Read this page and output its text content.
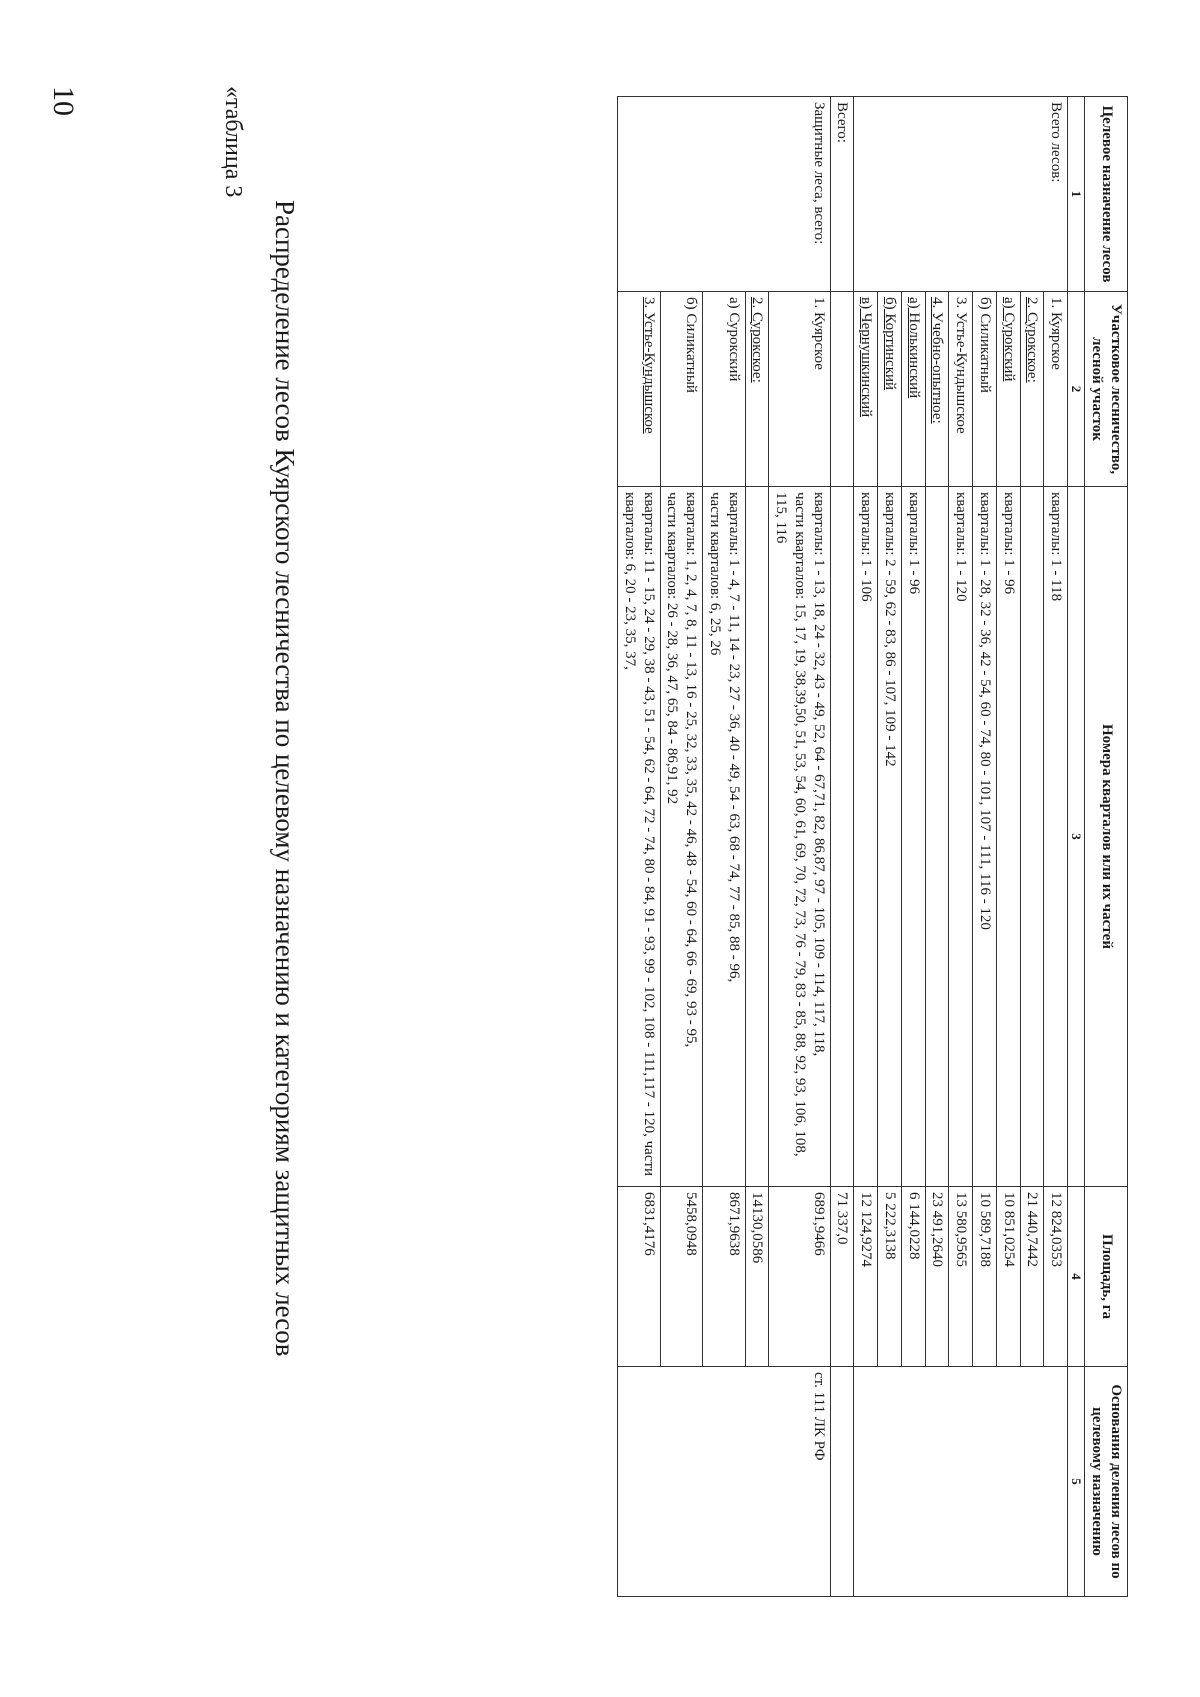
10	«таблица 3
Распределение лесов Куярского лесничества по целевому назначению и категориям защитных лесов
Целевое назначение лесов	Участковое лесничество, лесной участок	Номера кварталов или их частей	Площадь, га	Основания деления лесов по целевому назначению
1	2	3	4	5
Всего лесов:	1. Куярское	кварталы: 1 - 118	12 824,0353	
	2. Сурокское:		21 440,7442	
	а) Сурокский	кварталы: 1 - 96	10 851,0254	
	б) Силикатный	кварталы: 1 - 28, 32 - 36, 42 - 54, 60 - 74, 80 - 101, 107 - 111, 116 - 120	10 589,7188	
	3. Устье-Кундышское	кварталы: 1 - 120	13 580,9565	
	4. Учебно-опытное:		23 491,2640	
	а) Нолькинский	кварталы: 1 - 96	6 144,0228	
	б) Кортинский	кварталы: 2 - 59, 62 - 83, 86 - 107, 109 - 142	5 222,3138	
	в) Чернушкинский	кварталы: 1 - 106	12 124,9274	
Всего:			71 337,0	
Защитные леса, всего:	1. Куярское	кварталы: 1 - 13, 18, 24 - 32, 43 - 49, 52, 64 - 67,71, 82, 86,87, 97 - 105, 109 - 114, 117, 118,
части кварталов: 15, 17, 19, 38,39,50, 51, 53, 54, 60, 61, 69, 70, 72, 73, 76 - 79, 83 - 85, 88, 92, 93, 106, 108, 115, 116	6891,9466	ст. 111 ЛК РФ
	2. Сурокское:		14130,0586	
	а) Сурокский	кварталы: 1 - 4, 7 - 11, 14 - 23, 27 - 36, 40 - 49, 54 - 63, 68 - 74, 77 - 85, 88 - 96,
части кварталов: 6, 25, 26	8671,9638	
	б) Силикатный	кварталы: 1, 2, 4, 7, 8, 11 - 13, 16 - 25, 32, 33, 35, 42 - 46, 48 - 54, 60 - 64, 66 - 69, 93 - 95,
части кварталов: 26 - 28, 36, 47, 65, 84 - 86,91, 92	5458,0948	
	3. Устье-Кундышское	кварталы: 11 - 15, 24 - 29, 38 - 43, 51 - 54, 62 - 64, 72 - 74, 80 - 84, 91 - 93, 99 - 102, 108 - 111,117 - 120, части кварталов: 6, 20 - 23, 35, 37,	6831,4176	
